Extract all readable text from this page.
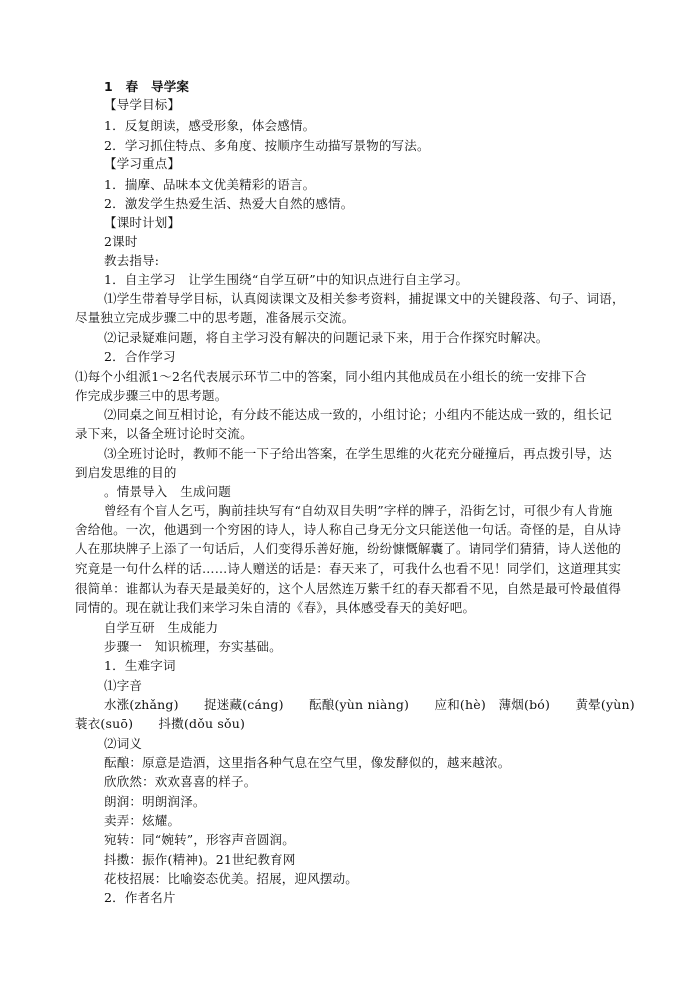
1　春　导学案
【导学目标】
1．反复朗读，感受形象，体会感情。
2．学习抓住特点、多角度、按顺序生动描写景物的写法。
【学习重点】
1．揣摩、品味本文优美精彩的语言。
2．激发学生热爱生活、热爱大自然的感情。
【课时计划】
2课时
教去指导:
1．自主学习　让学生围绕“自学互研”中的知识点进行自主学习。
⑴学生带着导学目标，认真阅读课文及相关参考资料，捕捉课文中的关键段落、句子、词语，
尽量独立完成步骤二中的思考题，准备展示交流。
⑵记录疑难问题，将自主学习没有解决的问题记录下来，用于合作探究时解决。
2．合作学习
⑴每个小组派1～2名代表展示环节二中的答案，同小组内其他成员在小组长的统一安排下合
作完成步骤三中的思考题。
⑵同桌之间互相讨论，有分歧不能达成一致的，小组讨论；小组内不能达成一致的，组长记
录下来，以备全班讨论时交流。
⑶全班讨论时，教师不能一下子给出答案，在学生思维的火花充分碰撞后，再点拨引导，达
到启发思维的目的
。情景导入　生成问题
曾经有个盲人乞丐，胸前挂块写有“自幼双目失明”字样的牌子，沿街乞讨，可很少有人肯施
舍给他。一次，他遇到一个穷困的诗人，诗人称自己身无分文只能送他一句话。奇怪的是，自从诗
人在那块牌子上添了一句话后，人们变得乐善好施，纷纷慷慨解囊了。请同学们猜猜，诗人送他的
究竟是一句什么样的话……诗人赠送的话是：春天来了，可我什么也看不见！同学们，这道理其实
很简单：谁都认为春天是最美好的，这个人居然连万紫千红的春天都看不见，自然是最可怜最值得
同情的。现在就让我们来学习朱自清的《春》，具体感受春天的美好吧。
自学互研　生成能力
步骤一　知识梳理，夯实基础。
1．生难字词
⑴字音
水涨(zhǎng)　　捉迷藏(cáng)　　酝酿(yùn niàng)　　应和(hè)　薄烟(bó)　　黄晕(yùn)
蓑衣(suō)　　抖擞(dǒu sǒu)
⑵词义
酝酿：原意是造酒，这里指各种气息在空气里，像发酵似的，越来越浓。
欣欣然：欢欢喜喜的样子。
朗润：明朗润泽。
卖弄：炫耀。
宛转：同“婉转”，形容声音圆润。
抖擞：振作(精神)。21世纪教育网
花枝招展：比喻姿态优美。招展，迎风摆动。
2．作者名片
